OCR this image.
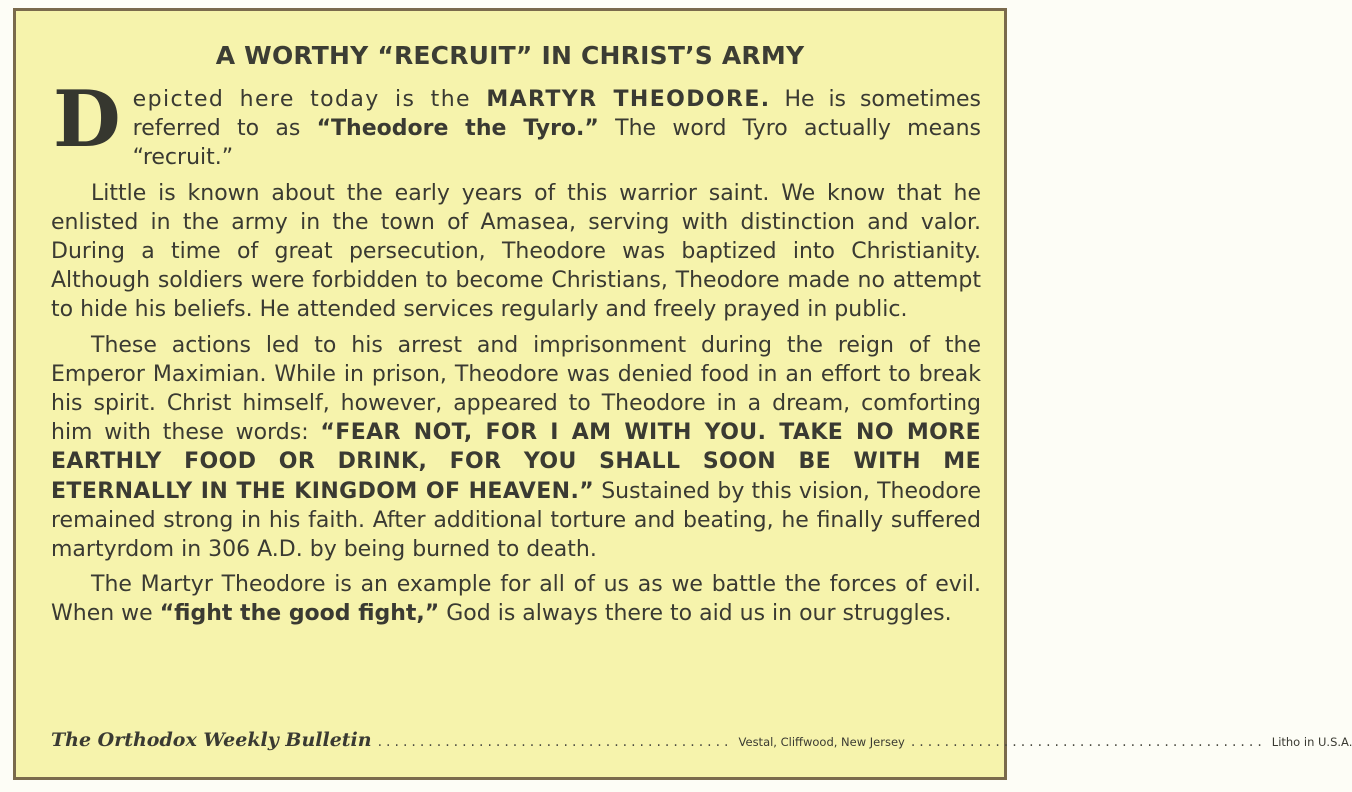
A WORTHY “RECRUIT” IN CHRIST’S ARMY

Depicted here today is the MARTYR THEODORE. He is sometimes referred to as “Theodore the Tyro.” The word Tyro actually means “recruit.”

Little is known about the early years of this warrior saint. We know that he enlisted in the army in the town of Amasea, serving with distinction and valor. During a time of great persecution, Theodore was baptized into Christianity. Although soldiers were forbidden to become Christians, Theodore made no attempt to hide his beliefs. He attended services regularly and freely prayed in public.

These actions led to his arrest and imprisonment during the reign of the Emperor Maximian. While in prison, Theodore was denied food in an effort to break his spirit. Christ himself, however, appeared to Theodore in a dream, comforting him with these words: “FEAR NOT, FOR I AM WITH YOU. TAKE NO MORE EARTHLY FOOD OR DRINK, FOR YOU SHALL SOON BE WITH ME ETERNALLY IN THE KINGDOM OF HEAVEN.” Sustained by this vision, Theodore remained strong in his faith. After additional torture and beating, he finally suffered martyrdom in 306 A.D. by being burned to death.

The Martyr Theodore is an example for all of us as we battle the forces of evil. When we “fight the good fight,” God is always there to aid us in our struggles.

The Orthodox Weekly Bulletin .......................................... Vestal, Cliffwood, New Jersey .......................................... Litho in U.S.A.
